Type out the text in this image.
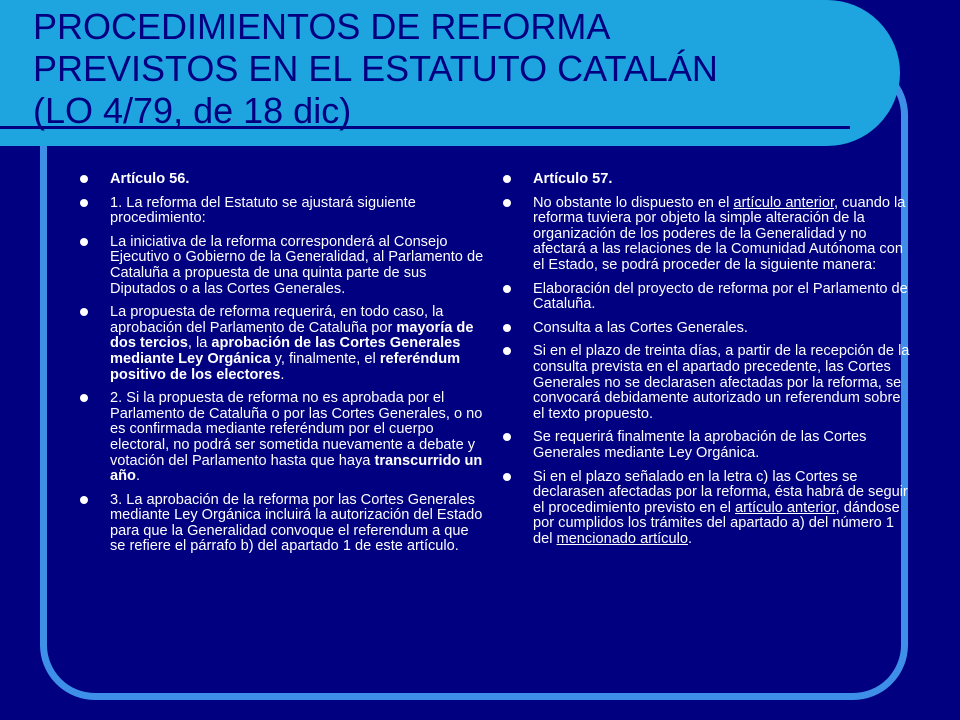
PROCEDIMIENTOS DE REFORMA
PREVISTOS EN EL ESTATUTO CATALÁN
(LO 4/79, de 18 dic)
Artículo 56.
1. La reforma del Estatuto se ajustará siguiente procedimiento:
La iniciativa de la reforma corresponderá al Consejo Ejecutivo o Gobierno de la Generalidad, al Parlamento de Cataluña a propuesta de una quinta parte de sus Diputados o a las Cortes Generales.
La propuesta de reforma requerirá, en todo caso, la aprobación del Parlamento de Cataluña por mayoría de dos tercios, la aprobación de las Cortes Generales mediante Ley Orgánica y, finalmente, el referéndum positivo de los electores.
2. Si la propuesta de reforma no es aprobada por el Parlamento de Cataluña o por las Cortes Generales, o no es confirmada mediante referéndum por el cuerpo electoral, no podrá ser sometida nuevamente a debate y votación del Parlamento hasta que haya transcurrido un año.
3. La aprobación de la reforma por las Cortes Generales mediante Ley Orgánica incluirá la autorización del Estado para que la Generalidad convoque el referendum a que se refiere el párrafo b) del apartado 1 de este artículo.
Artículo 57.
No obstante lo dispuesto en el artículo anterior, cuando la reforma tuviera por objeto la simple alteración de la organización de los poderes de la Generalidad y no afectará a las relaciones de la Comunidad Autónoma con el Estado, se podrá proceder de la siguiente manera:
Elaboración del proyecto de reforma por el Parlamento de Cataluña.
Consulta a las Cortes Generales.
Si en el plazo de treinta días, a partir de la recepción de la consulta prevista en el apartado precedente, las Cortes Generales no se declarasen afectadas por la reforma, se convocará debidamente autorizado un referendum sobre el texto propuesto.
Se requerirá finalmente la aprobación de las Cortes Generales mediante Ley Orgánica.
Si en el plazo señalado en la letra c) las Cortes se declarasen afectadas por la reforma, ésta habrá de seguir el procedimiento previsto en el artículo anterior, dándose por cumplidos los trámites del apartado a) del número 1 del mencionado artículo.
